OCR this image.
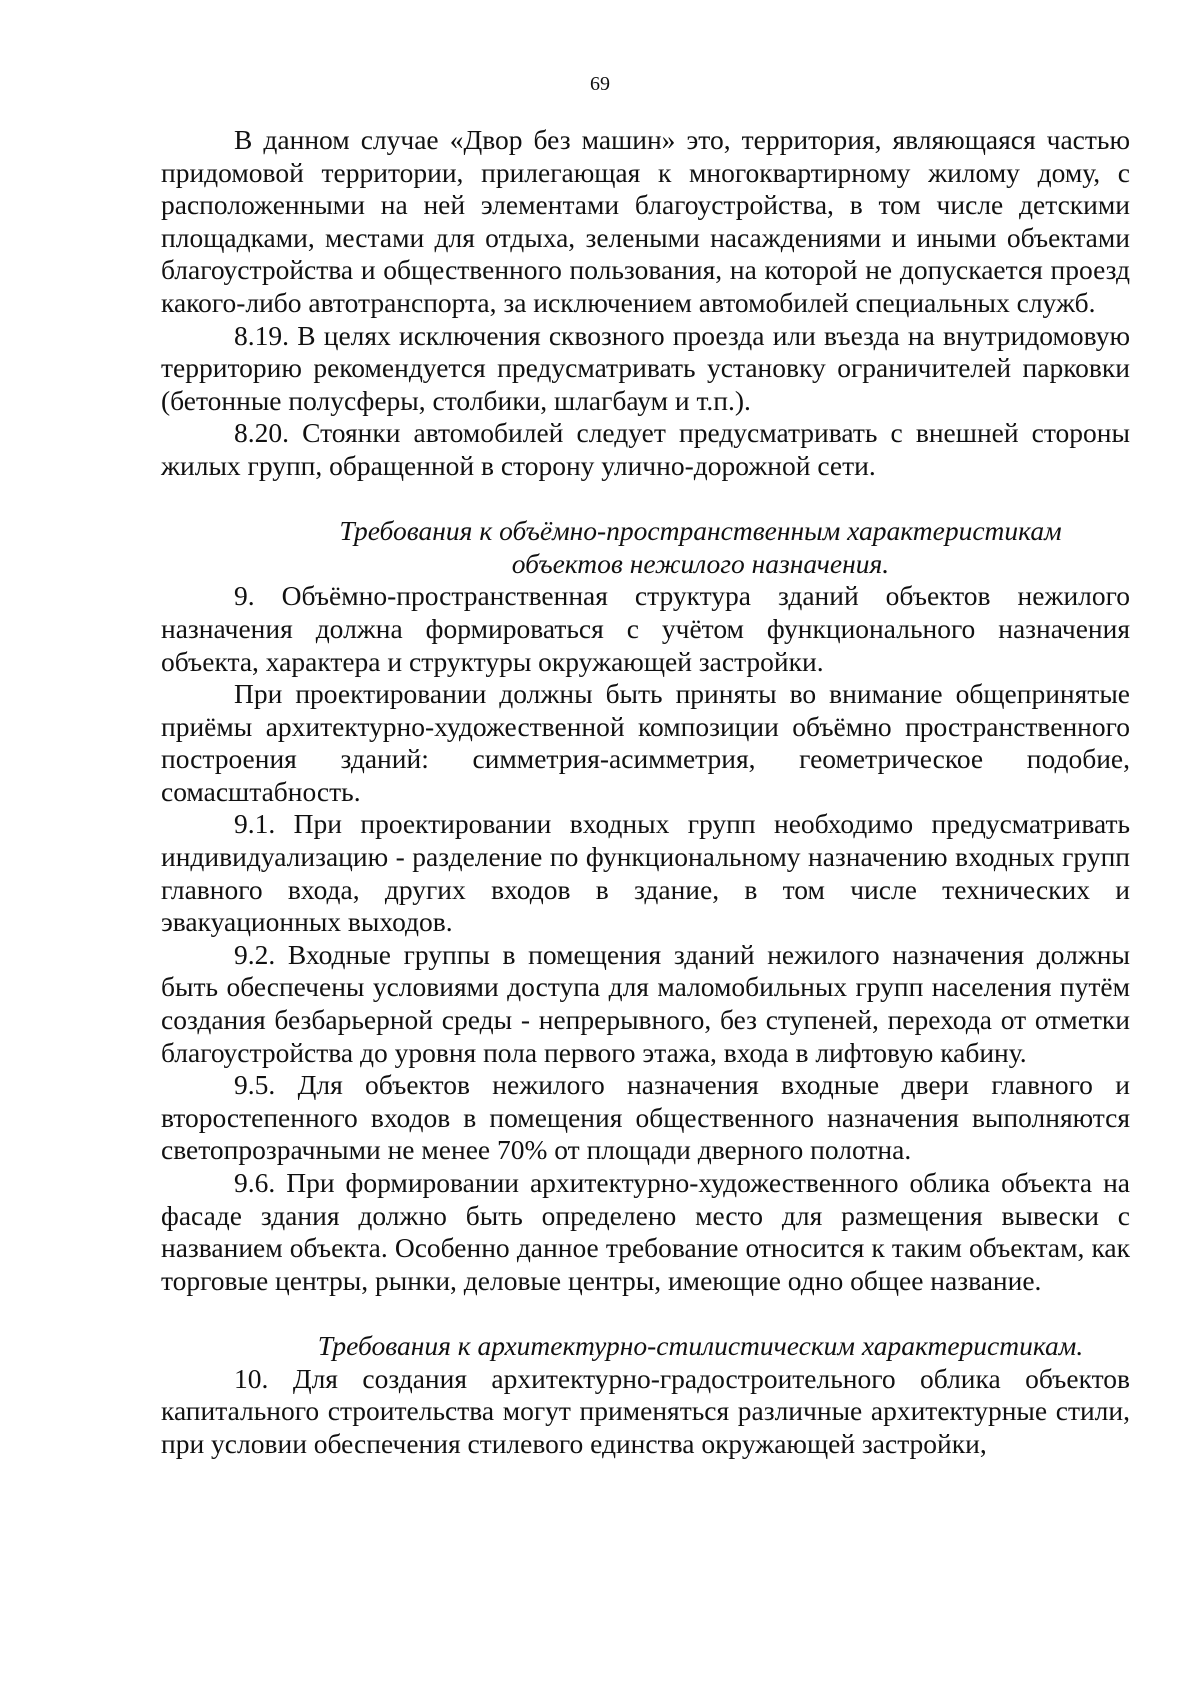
69

В данном случае «Двор без машин» это, территория, являющаяся частью придомовой территории, прилегающая к многоквартирному жилому дому, с расположенными на ней элементами благоустройства, в том числе детскими площадками, местами для отдыха, зелеными насаждениями и иными объектами благоустройства и общественного пользования, на которой не допускается проезд какого-либо автотранспорта, за исключением автомобилей специальных служб.

8.19. В целях исключения сквозного проезда или въезда на внутридомовую территорию рекомендуется предусматривать установку ограничителей парковки (бетонные полусферы, столбики, шлагбаум и т.п.).

8.20. Стоянки автомобилей следует предусматривать с внешней стороны жилых групп, обращенной в сторону улично-дорожной сети.

Требования к объёмно-пространственным характеристикам
объектов нежилого назначения.

9. Объёмно-пространственная структура зданий объектов нежилого назначения должна формироваться с учётом функционального назначения объекта, характера и структуры окружающей застройки.

При проектировании должны быть приняты во внимание общепринятые приёмы архитектурно-художественной композиции объёмно пространственного построения зданий: симметрия-асимметрия, геометрическое подобие, сомасштабность.

9.1. При проектировании входных групп необходимо предусматривать индивидуализацию - разделение по функциональному назначению входных групп главного входа, других входов в здание, в том числе технических и эвакуационных выходов.

9.2. Входные группы в помещения зданий нежилого назначения должны быть обеспечены условиями доступа для маломобильных групп населения путём создания безбарьерной среды - непрерывного, без ступеней, перехода от отметки благоустройства до уровня пола первого этажа, входа в лифтовую кабину.

9.5. Для объектов нежилого назначения входные двери главного и второстепенного входов в помещения общественного назначения выполняются светопрозрачными не менее 70% от площади дверного полотна.

9.6. При формировании архитектурно-художественного облика объекта на фасаде здания должно быть определено место для размещения вывески с названием объекта. Особенно данное требование относится к таким объектам, как торговые центры, рынки, деловые центры, имеющие одно общее название.

Требования к архитектурно-стилистическим характеристикам.

10. Для создания архитектурно-градостроительного облика объектов капитального строительства могут применяться различные архитектурные стили, при условии обеспечения стилевого единства окружающей застройки,
